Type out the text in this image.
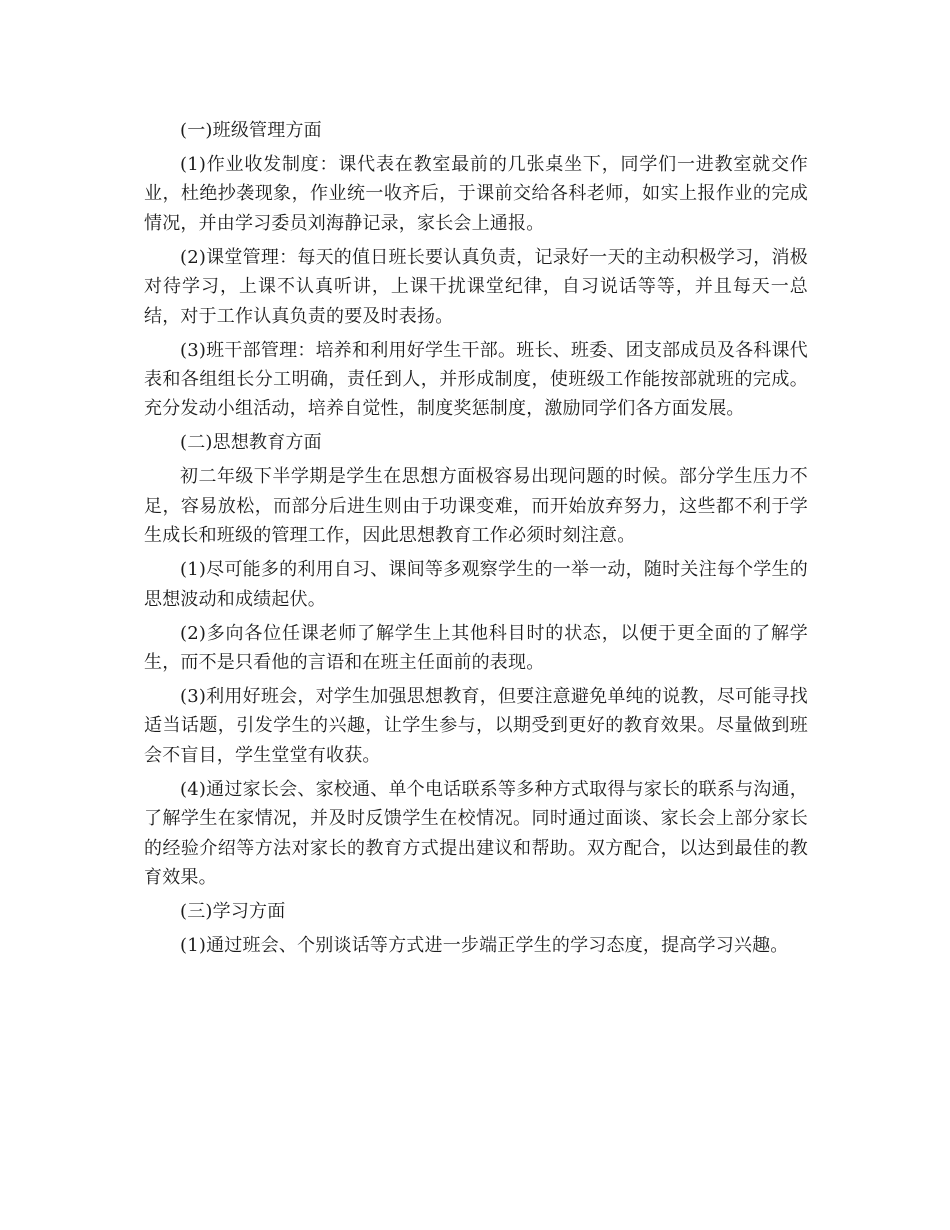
(一)班级管理方面

(1)作业收发制度：课代表在教室最前的几张桌坐下，同学们一进教室就交作业，杜绝抄袭现象，作业统一收齐后，于课前交给各科老师，如实上报作业的完成情况，并由学习委员刘海静记录，家长会上通报。

(2)课堂管理：每天的值日班长要认真负责，记录好一天的主动积极学习，消极对待学习，上课不认真听讲，上课干扰课堂纪律，自习说话等等，并且每天一总结，对于工作认真负责的要及时表扬。

(3)班干部管理：培养和利用好学生干部。班长、班委、团支部成员及各科课代表和各组组长分工明确，责任到人，并形成制度，使班级工作能按部就班的完成。充分发动小组活动，培养自觉性，制度奖惩制度，激励同学们各方面发展。

(二)思想教育方面

初二年级下半学期是学生在思想方面极容易出现问题的时候。部分学生压力不足，容易放松，而部分后进生则由于功课变难，而开始放弃努力，这些都不利于学生成长和班级的管理工作，因此思想教育工作必须时刻注意。

(1)尽可能多的利用自习、课间等多观察学生的一举一动，随时关注每个学生的思想波动和成绩起伏。

(2)多向各位任课老师了解学生上其他科目时的状态，以便于更全面的了解学生，而不是只看他的言语和在班主任面前的表现。

(3)利用好班会，对学生加强思想教育，但要注意避免单纯的说教，尽可能寻找适当话题，引发学生的兴趣，让学生参与，以期受到更好的教育效果。尽量做到班会不盲目，学生堂堂有收获。

(4)通过家长会、家校通、单个电话联系等多种方式取得与家长的联系与沟通，了解学生在家情况，并及时反馈学生在校情况。同时通过面谈、家长会上部分家长的经验介绍等方法对家长的教育方式提出建议和帮助。双方配合，以达到最佳的教育效果。

(三)学习方面

(1)通过班会、个别谈话等方式进一步端正学生的学习态度，提高学习兴趣。
